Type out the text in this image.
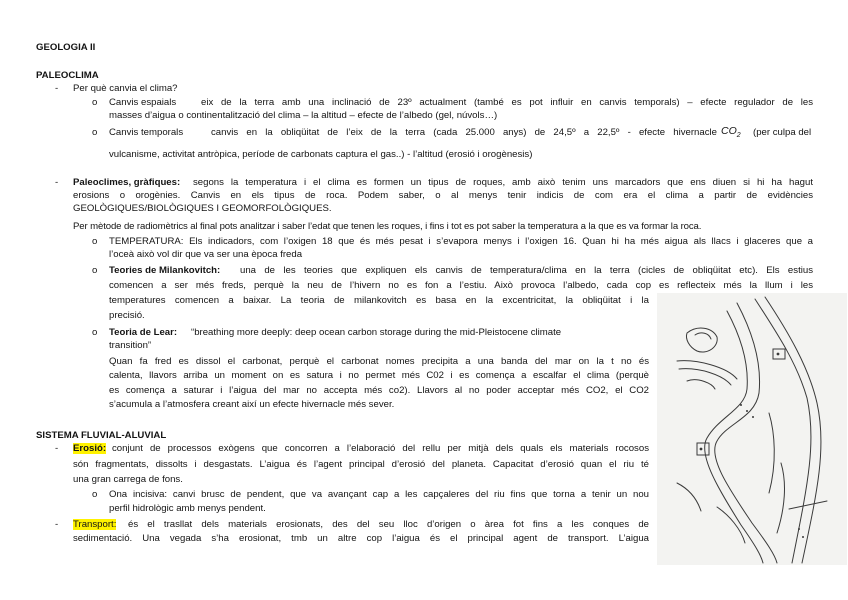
GEOLOGIA II
PALEOCLIMA
- Per què canvia el clima?
o Canvis espaials	eix de la terra amb una inclinació de 23º actualment (també es pot influir en canvis temporals) – efecte regulador de les
masses d’aigua o continentalització del clima – la altitud – efecte de l’albedo (gel, núvols…)
o Canvis temporals	canvis en la obliqüitat de l’eix de la terra (cada 25.000 anys) de 24,5º a 22,5º - efecte hivernacle $CO_2$ (per culpa del
vulcanisme, activitat antròpica, període de carbonats captura el gas..) - l’altitud (erosió i orogènesis)
- Paleoclimes, gràfiques: segons la temperatura i el clima es formen un tipus de roques, amb això tenim uns marcadors que ens diuen si hi ha hagut
erosions o orogènies. Canvis en els tipus de roca. Podem saber, o al menys tenir indicis de com era el clima a partir de evidències
GEOLÒGIQUES/BIOLÒGIQUES I GEOMORFOLÒGIQUES.
Per mètode de radiomètrics al final pots analitzar i saber l’edat que tenen les roques, i fins i tot es pot saber la temperatura a la que es va formar la roca.
o TEMPERATURA: Els indicadors, com l’oxigen 18 que és més pesat i s’evapora menys i l’oxigen 16. Quan hi ha més aigua als llacs i glaceres que a
l’oceà això vol dir que va ser una època freda
o Teories de Milankovitch: una de les teories que expliquen els canvis de temperatura/clima en la terra (cicles de obliqüitat etc). Els estius
comencen a ser més freds, perquè la neu de l’hivern no es fon a l’estiu. Això provoca l’albedo, cada cop es reflecteix més la llum i les
temperatures comencen a baixar. La teoria de milankovitch es basa en la excentricitat, la obliqüitat i la
precisió.
o Teoria de Lear: “breathing more deeply: deep ocean carbon storage during the mid-Pleistocene climate
transition”
Quan fa fred es dissol el carbonat, perquè el carbonat nomes precipita a una banda del mar on la t no és
calenta, llavors arriba un moment on es satura i no permet més C02 i es comença a escalfar el clima (perquè
es comença a saturar i l’aigua del mar no accepta més co2). Llavors al no poder acceptar més CO2, el CO2
s’acumula a l’atmosfera creant així un efecte hivernacle més sever.
SISTEMA FLUVIAL-ALUVIAL
- Erosió: conjunt de processos exògens que concorren a l’elaboració del rellu per mitjà dels quals els materials rocosos
són fragmentats, dissolts i desgastats. L’aigua és l’agent principal d’erosió del planeta. Capacitat d’erosió quan el riu té
una gran carrega de fons.
o Ona incisiva: canvi brusc de pendent, que va avançant cap a les capçaleres del riu fins que torna a tenir un nou
perfil hidrològic amb menys pendent.
- Transport: és el trasllat dels materials erosionats, des del seu lloc d’origen o àrea fot fins a les conques de
sedimentació. Una vegada s’ha erosionat, tmb un altre cop l’aigua és el principal agent de transport. L’aigua
